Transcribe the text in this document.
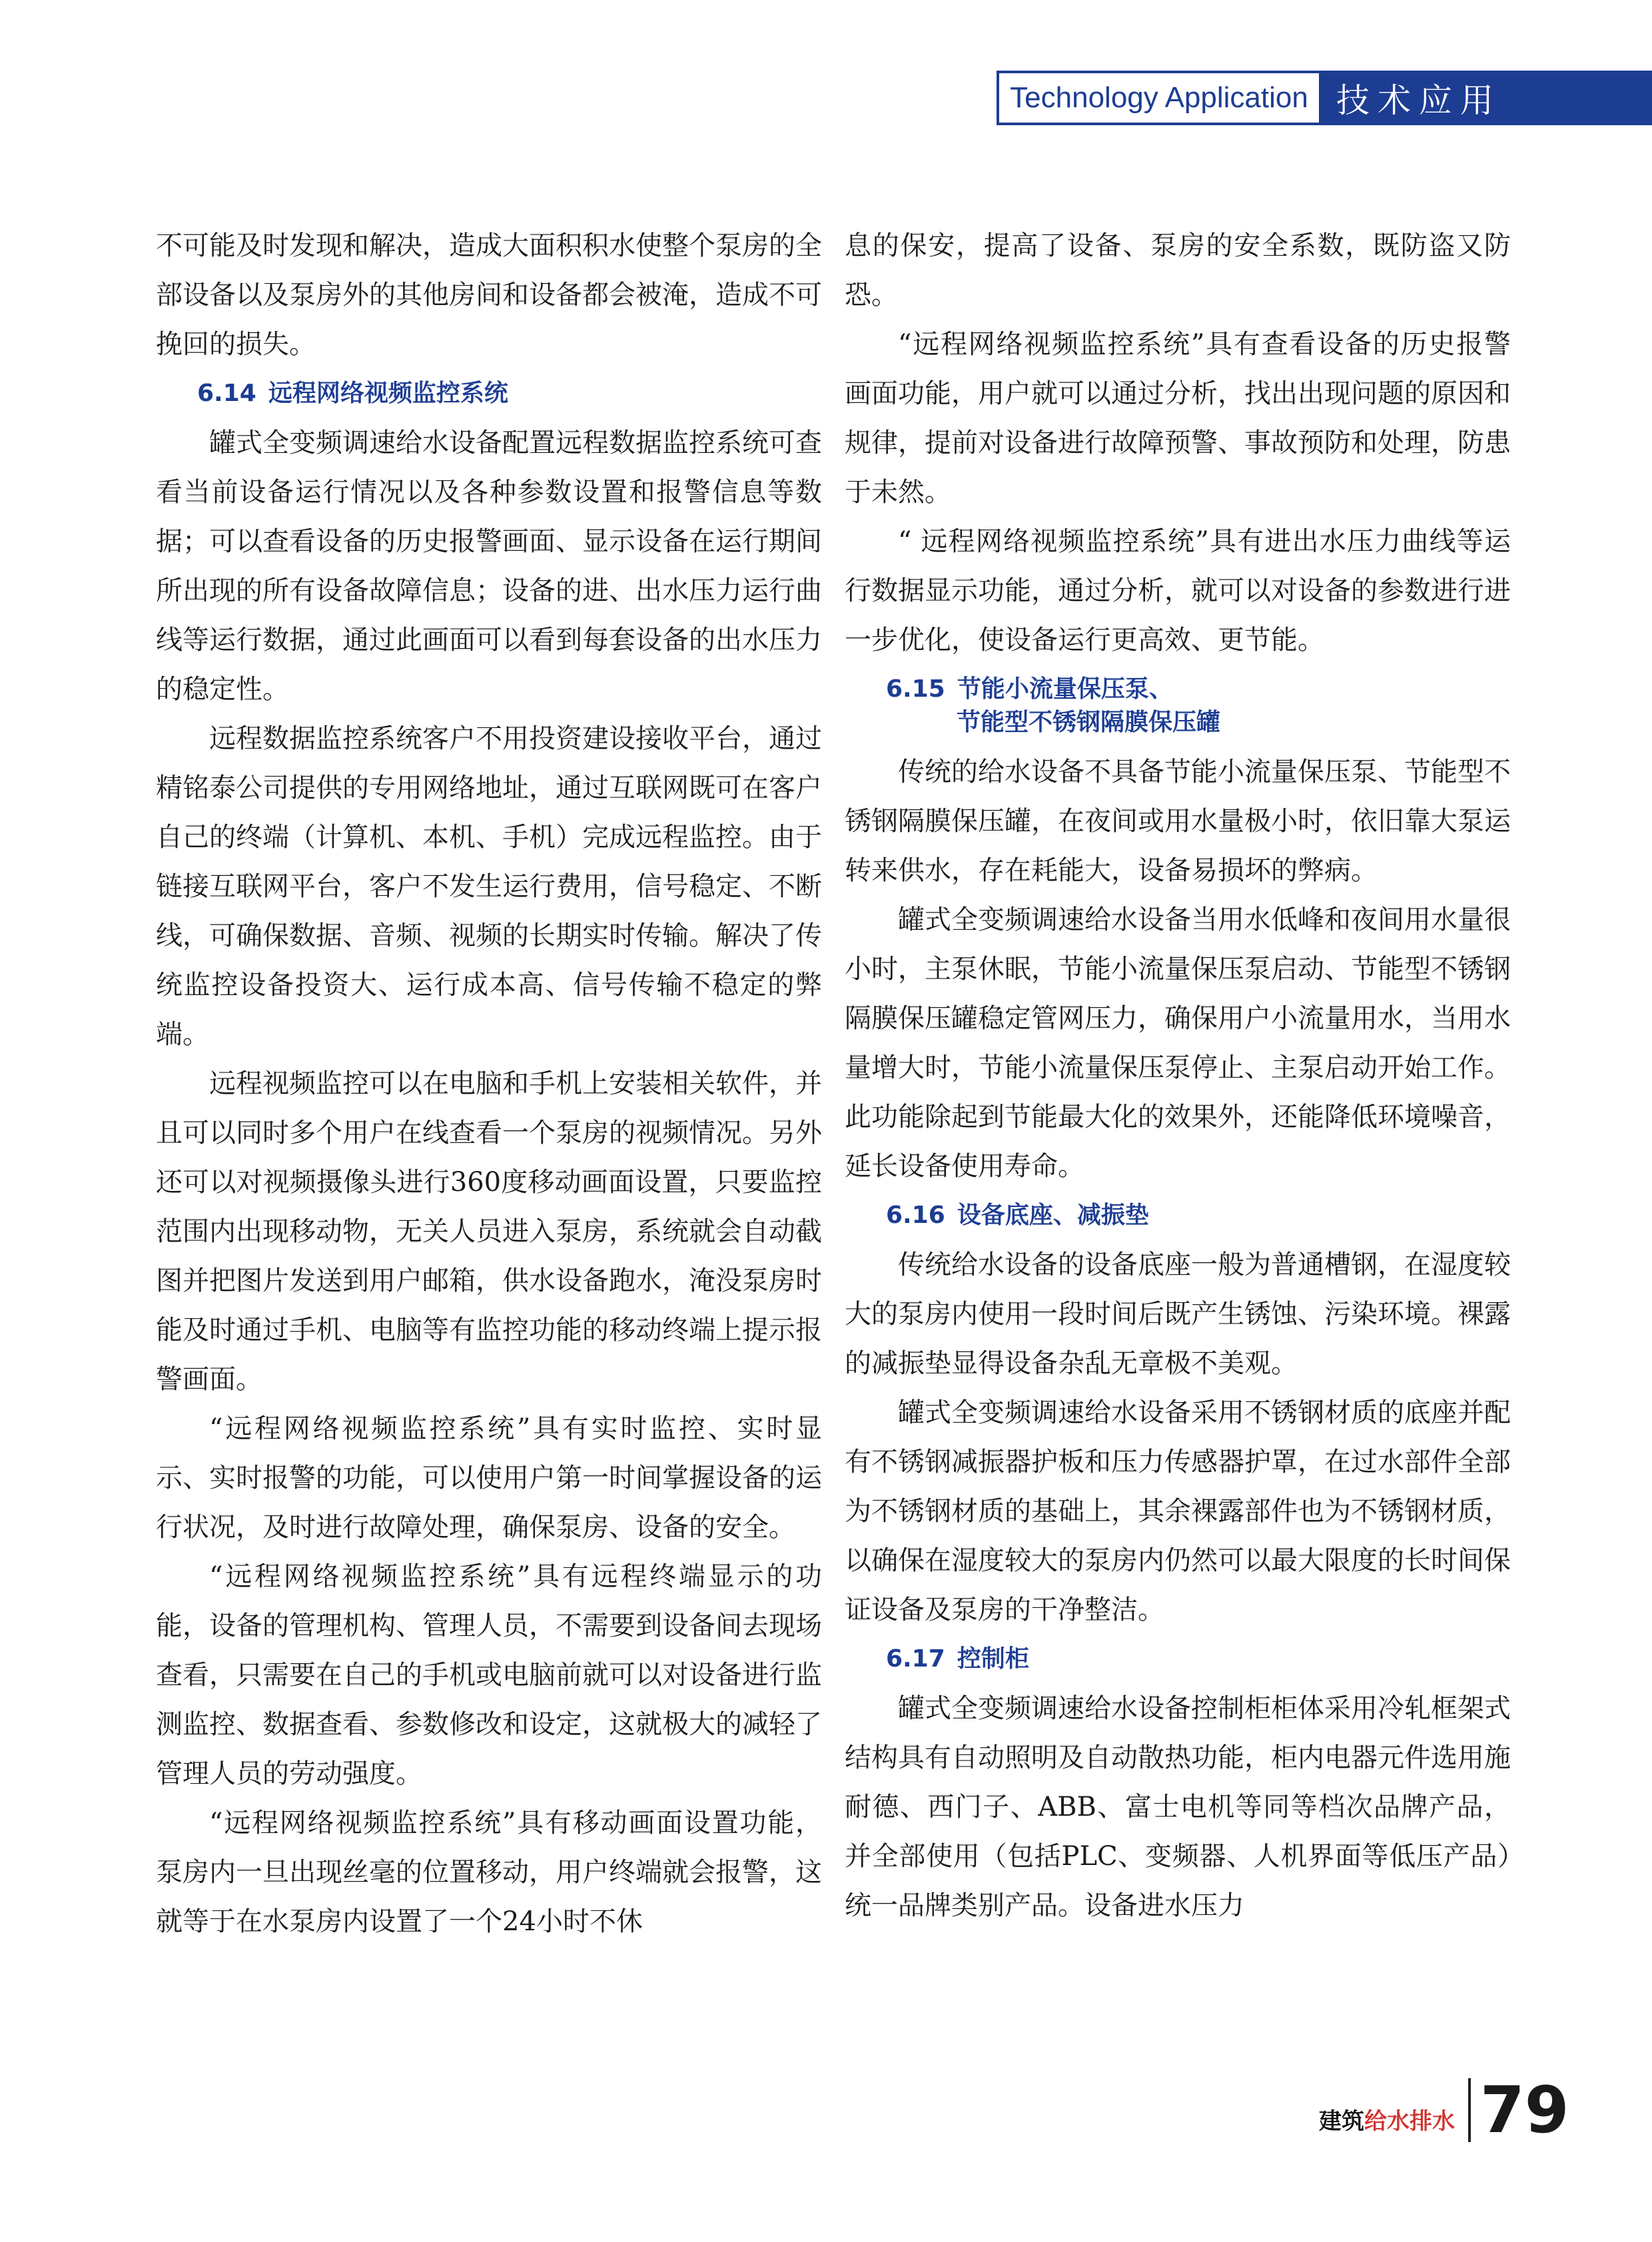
Technology Application 技术应用

不可能及时发现和解决，造成大面积积水使整个泵房的全部设备以及泵房外的其他房间和设备都会被淹，造成不可挽回的损失。

6.14 远程网络视频监控系统

罐式全变频调速给水设备配置远程数据监控系统可查看当前设备运行情况以及各种参数设置和报警信息等数据；可以查看设备的历史报警画面、显示设备在运行期间所出现的所有设备故障信息；设备的进、出水压力运行曲线等运行数据，通过此画面可以看到每套设备的出水压力的稳定性。

远程数据监控系统客户不用投资建设接收平台，通过精铭泰公司提供的专用网络地址，通过互联网既可在客户自己的终端（计算机、本机、手机）完成远程监控。由于链接互联网平台，客户不发生运行费用，信号稳定、不断线，可确保数据、音频、视频的长期实时传输。解决了传统监控设备投资大、运行成本高、信号传输不稳定的弊端。

远程视频监控可以在电脑和手机上安装相关软件，并且可以同时多个用户在线查看一个泵房的视频情况。另外还可以对视频摄像头进行360度移动画面设置，只要监控范围内出现移动物，无关人员进入泵房，系统就会自动截图并把图片发送到用户邮箱，供水设备跑水，淹没泵房时能及时通过手机、电脑等有监控功能的移动终端上提示报警画面。

“远程网络视频监控系统”具有实时监控、实时显示、实时报警的功能，可以使用户第一时间掌握设备的运行状况，及时进行故障处理，确保泵房、设备的安全。

“远程网络视频监控系统”具有远程终端显示的功能，设备的管理机构、管理人员，不需要到设备间去现场查看，只需要在自己的手机或电脑前就可以对设备进行监测监控、数据查看、参数修改和设定，这就极大的减轻了管理人员的劳动强度。

“远程网络视频监控系统”具有移动画面设置功能，泵房内一旦出现丝毫的位置移动，用户终端就会报警，这就等于在水泵房内设置了一个24小时不休

息的保安，提高了设备、泵房的安全系数，既防盗又防恐。

“远程网络视频监控系统”具有查看设备的历史报警画面功能，用户就可以通过分析，找出出现问题的原因和规律，提前对设备进行故障预警、事故预防和处理，防患于未然。

“ 远程网络视频监控系统”具有进出水压力曲线等运行数据显示功能，通过分析，就可以对设备的参数进行进一步优化，使设备运行更高效、更节能。

6.15 节能小流量保压泵、
节能型不锈钢隔膜保压罐

传统的给水设备不具备节能小流量保压泵、节能型不锈钢隔膜保压罐，在夜间或用水量极小时，依旧靠大泵运转来供水，存在耗能大，设备易损坏的弊病。

罐式全变频调速给水设备当用水低峰和夜间用水量很小时，主泵休眠，节能小流量保压泵启动、节能型不锈钢隔膜保压罐稳定管网压力，确保用户小流量用水，当用水量增大时，节能小流量保压泵停止、主泵启动开始工作。此功能除起到节能最大化的效果外，还能降低环境噪音，延长设备使用寿命。

6.16 设备底座、减振垫

传统给水设备的设备底座一般为普通槽钢，在湿度较大的泵房内使用一段时间后既产生锈蚀、污染环境。裸露的减振垫显得设备杂乱无章极不美观。

罐式全变频调速给水设备采用不锈钢材质的底座并配有不锈钢减振器护板和压力传感器护罩，在过水部件全部为不锈钢材质的基础上，其余裸露部件也为不锈钢材质，以确保在湿度较大的泵房内仍然可以最大限度的长时间保证设备及泵房的干净整洁。

6.17 控制柜

罐式全变频调速给水设备控制柜柜体采用冷轧框架式结构具有自动照明及自动散热功能，柜内电器元件选用施耐德、西门子、ABB、富士电机等同等档次品牌产品，并全部使用（包括PLC、变频器、人机界面等低压产品）统一品牌类别产品。设备进水压力

建筑给水排水 79
